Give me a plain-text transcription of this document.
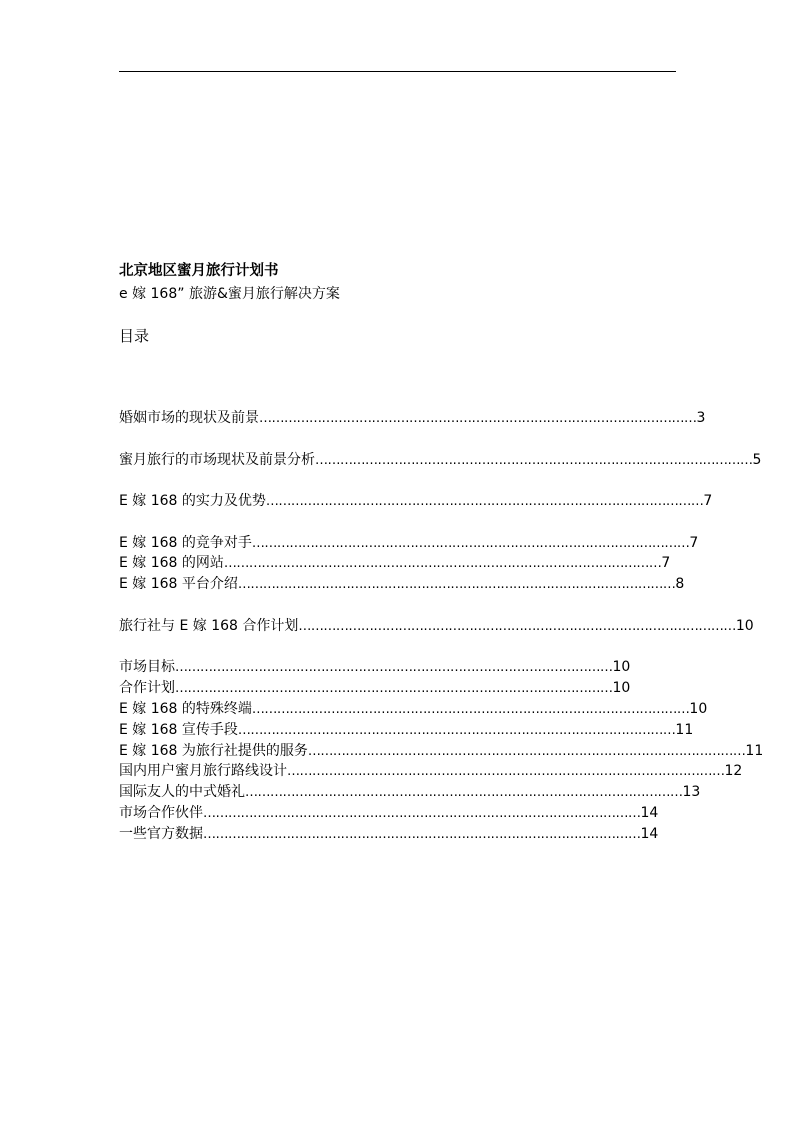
北京地区蜜月旅行计划书
e 嫁 168” 旅游&蜜月旅行解决方案
目录
婚姻市场的现状及前景 …………………………………………………………………………………………… 3
蜜月旅行的市场现状及前景分析 …………………………………………………………………………………………… 5
E 嫁 168 的实力及优势 …………………………………………………………………………………………… 7
E 嫁 168 的竞争对手 …………………………………………………………………………………………… 7
E 嫁 168 的网站 …………………………………………………………………………………………… 7
E 嫁 168 平台介绍 …………………………………………………………………………………………… 8
旅行社与 E 嫁 168 合作计划 …………………………………………………………………………………………… 10
市场目标 …………………………………………………………………………………………… 10
合作计划 …………………………………………………………………………………………… 10
E 嫁 168 的特殊终端 …………………………………………………………………………………………… 10
E 嫁 168 宣传手段 …………………………………………………………………………………………… 11
E 嫁 168 为旅行社提供的服务 …………………………………………………………………………………………… 11
国内用户蜜月旅行路线设计 …………………………………………………………………………………………… 12
国际友人的中式婚礼 …………………………………………………………………………………………… 13
市场合作伙伴 …………………………………………………………………………………………… 14
一些官方数据 …………………………………………………………………………………………… 14
